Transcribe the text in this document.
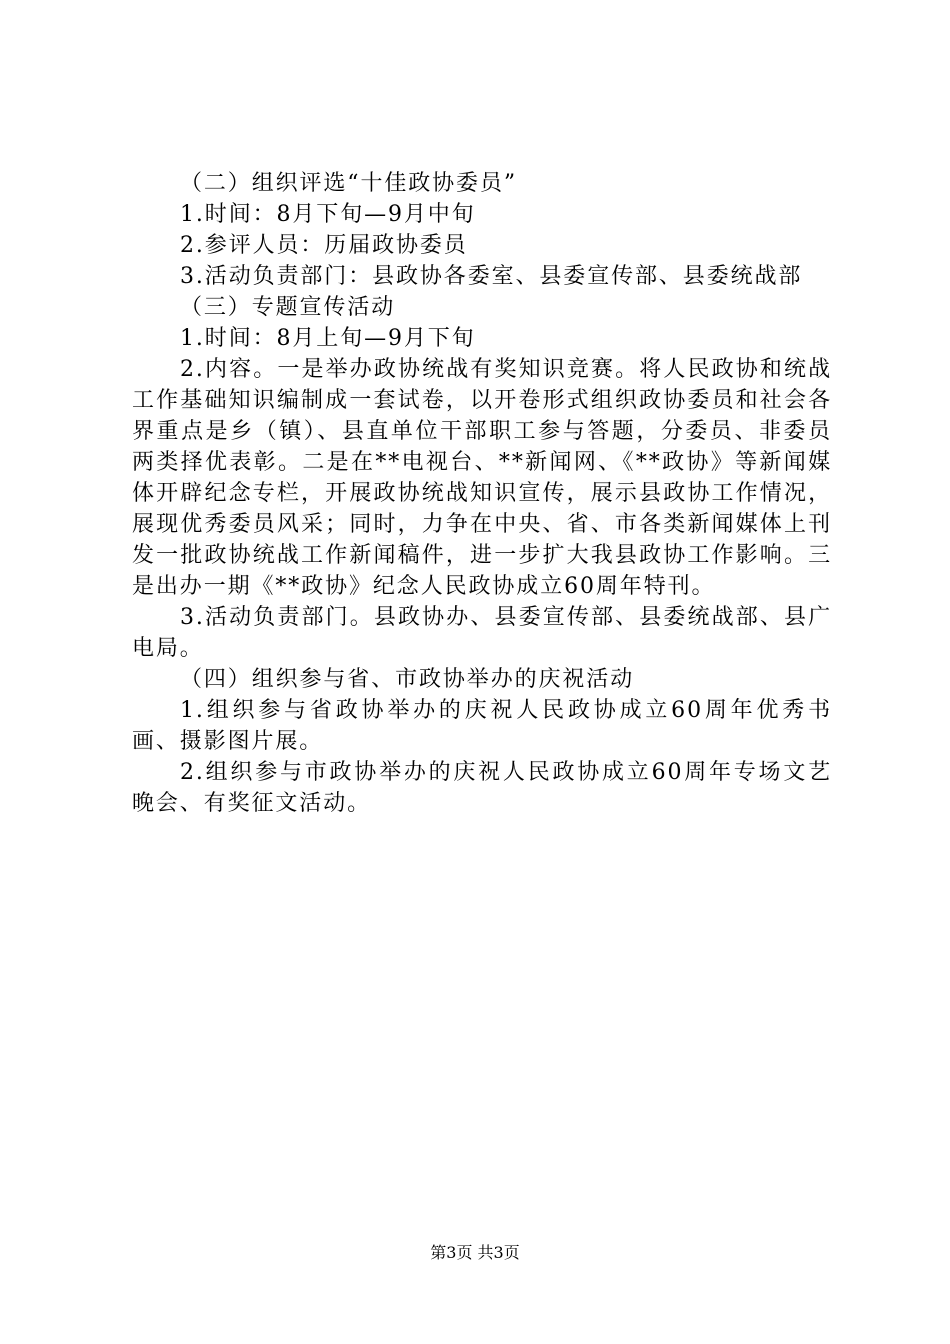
（二）组织评选“十佳政协委员”

1.时间：8月下旬—9月中旬

2.参评人员：历届政协委员

3.活动负责部门：县政协各委室、县委宣传部、县委统战部

（三）专题宣传活动

1.时间：8月上旬—9月下旬

2.内容。一是举办政协统战有奖知识竞赛。将人民政协和统战工作基础知识编制成一套试卷，以开卷形式组织政协委员和社会各界重点是乡（镇）、县直单位干部职工参与答题，分委员、非委员两类择优表彰。二是在**电视台、**新闻网、《**政协》等新闻媒体开辟纪念专栏，开展政协统战知识宣传，展示县政协工作情况，展现优秀委员风采；同时，力争在中央、省、市各类新闻媒体上刊发一批政协统战工作新闻稿件，进一步扩大我县政协工作影响。三是出办一期《**政协》纪念人民政协成立60周年特刊。

3.活动负责部门。县政协办、县委宣传部、县委统战部、县广电局。

（四）组织参与省、市政协举办的庆祝活动

1.组织参与省政协举办的庆祝人民政协成立60周年优秀书画、摄影图片展。

2.组织参与市政协举办的庆祝人民政协成立60周年专场文艺晚会、有奖征文活动。

第3页 共3页
